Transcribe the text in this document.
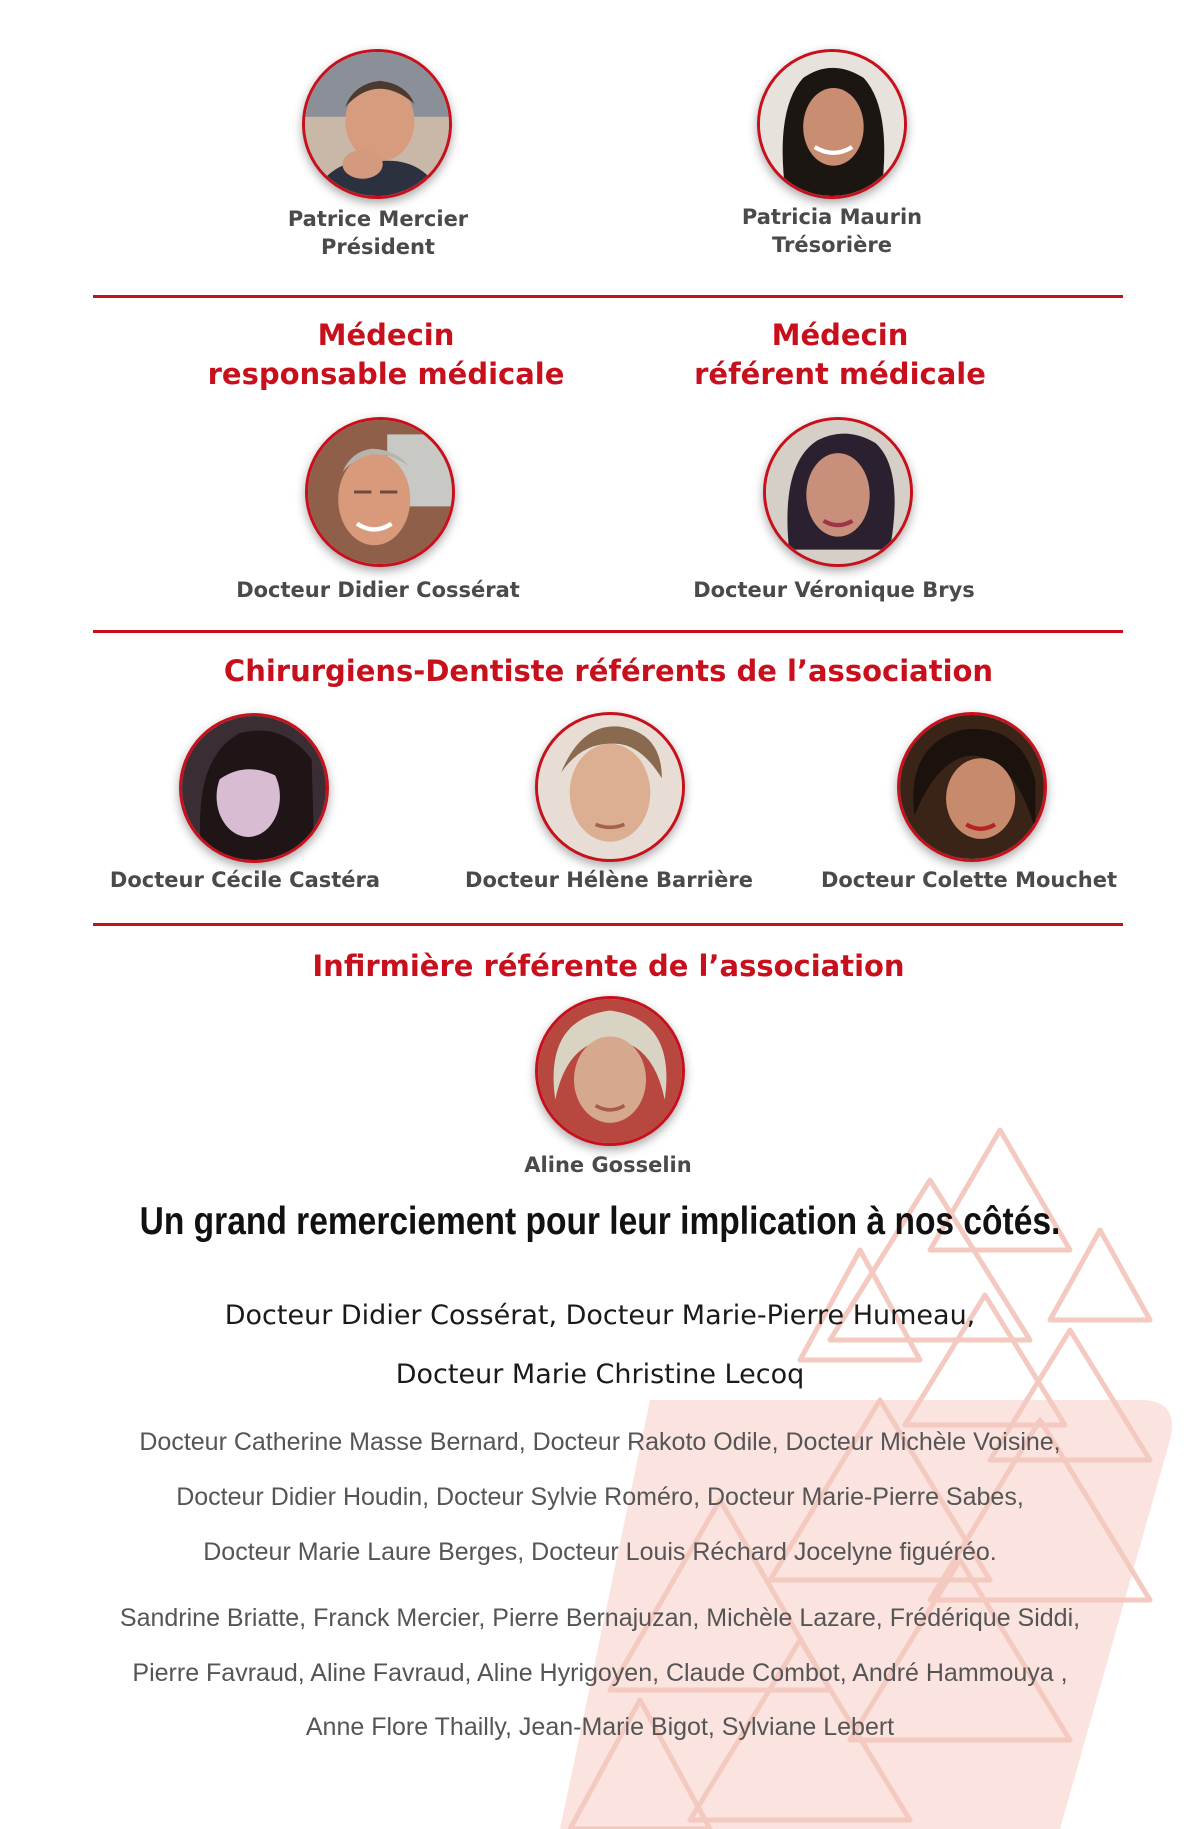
Patrice Mercier
Président
Patricia Maurin
Trésorière
Médecin
responsable médicale
Médecin
référent médicale
Docteur Didier Cossérat	Docteur Véronique Brys
Chirurgiens-Dentiste référents de l’association
Docteur Cécile Castéra	Docteur Hélène Barrière	Docteur Colette Mouchet
Infirmière référente de l’association
Aline Gosselin
Un grand remerciement pour leur implication à nos côtés.
Docteur Didier Cossérat, Docteur Marie-Pierre Humeau,
Docteur Marie Christine Lecoq
Docteur Catherine Masse Bernard, Docteur Rakoto Odile, Docteur Michèle Voisine,
Docteur Didier Houdin, Docteur Sylvie Roméro, Docteur Marie-Pierre Sabes,
Docteur Marie Laure Berges, Docteur Louis Réchard Jocelyne figuéréo.
Sandrine Briatte, Franck Mercier, Pierre Bernajuzan, Michèle Lazare, Frédérique Siddi,
Pierre Favraud, Aline Favraud, Aline Hyrigoyen, Claude Combot, André Hammouya ,
Anne Flore Thailly, Jean-Marie Bigot, Sylviane Lebert
